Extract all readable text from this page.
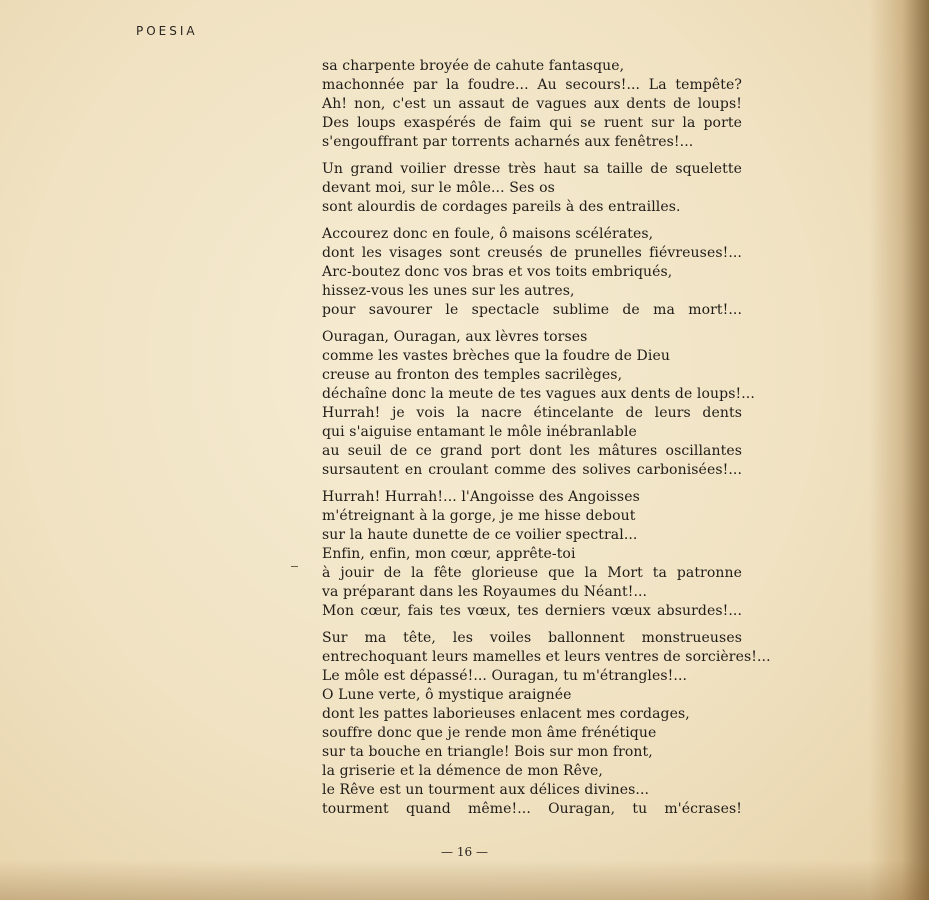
POESIA
sa charpente broyée de cahute fantasque,
machonnée par la foudre... Au secours!... La tempête?
Ah! non, c'est un assaut de vagues aux dents de loups!
Des loups exaspérés de faim qui se ruent sur la porte
s'engouffrant par torrents acharnés aux fenêtres!...
Un grand voilier dresse très haut sa taille de squelette
devant moi, sur le môle... Ses os
sont alourdis de cordages pareils à des entrailles.
Accourez donc en foule, ô maisons scélérates,
dont les visages sont creusés de prunelles fiévreuses!...
Arc-boutez donc vos bras et vos toits embriqués,
hissez-vous les unes sur les autres,
pour savourer le spectacle sublime de ma mort!...
Ouragan, Ouragan, aux lèvres torses
comme les vastes brèches que la foudre de Dieu
creuse au fronton des temples sacrilèges,
déchaîne donc la meute de tes vagues aux dents de loups!...
Hurrah! je vois la nacre étincelante de leurs dents
qui s'aiguise entamant le môle inébranlable
au seuil de ce grand port dont les mâtures oscillantes
sursautent en croulant comme des solives carbonisées!...
Hurrah! Hurrah!... l'Angoisse des Angoisses
m'étreignant à la gorge, je me hisse debout
sur la haute dunette de ce voilier spectral...
Enfin, enfin, mon cœur, apprête-toi
à jouir de la fête glorieuse que la Mort ta patronne
va préparant dans les Royaumes du Néant!...
Mon cœur, fais tes vœux, tes derniers vœux absurdes!...
Sur ma tête, les voiles ballonnent monstrueuses
entrechoquant leurs mamelles et leurs ventres de sorcières!...
Le môle est dépassé!... Ouragan, tu m'étrangles!...
O Lune verte, ô mystique araignée
dont les pattes laborieuses enlacent mes cordages,
souffre donc que je rende mon âme frénétique
sur ta bouche en triangle! Bois sur mon front,
la griserie et la démence de mon Rêve,
le Rêve est un tourment aux délices divines...
tourment quand même!... Ouragan, tu m'écrases!
— 16 —
